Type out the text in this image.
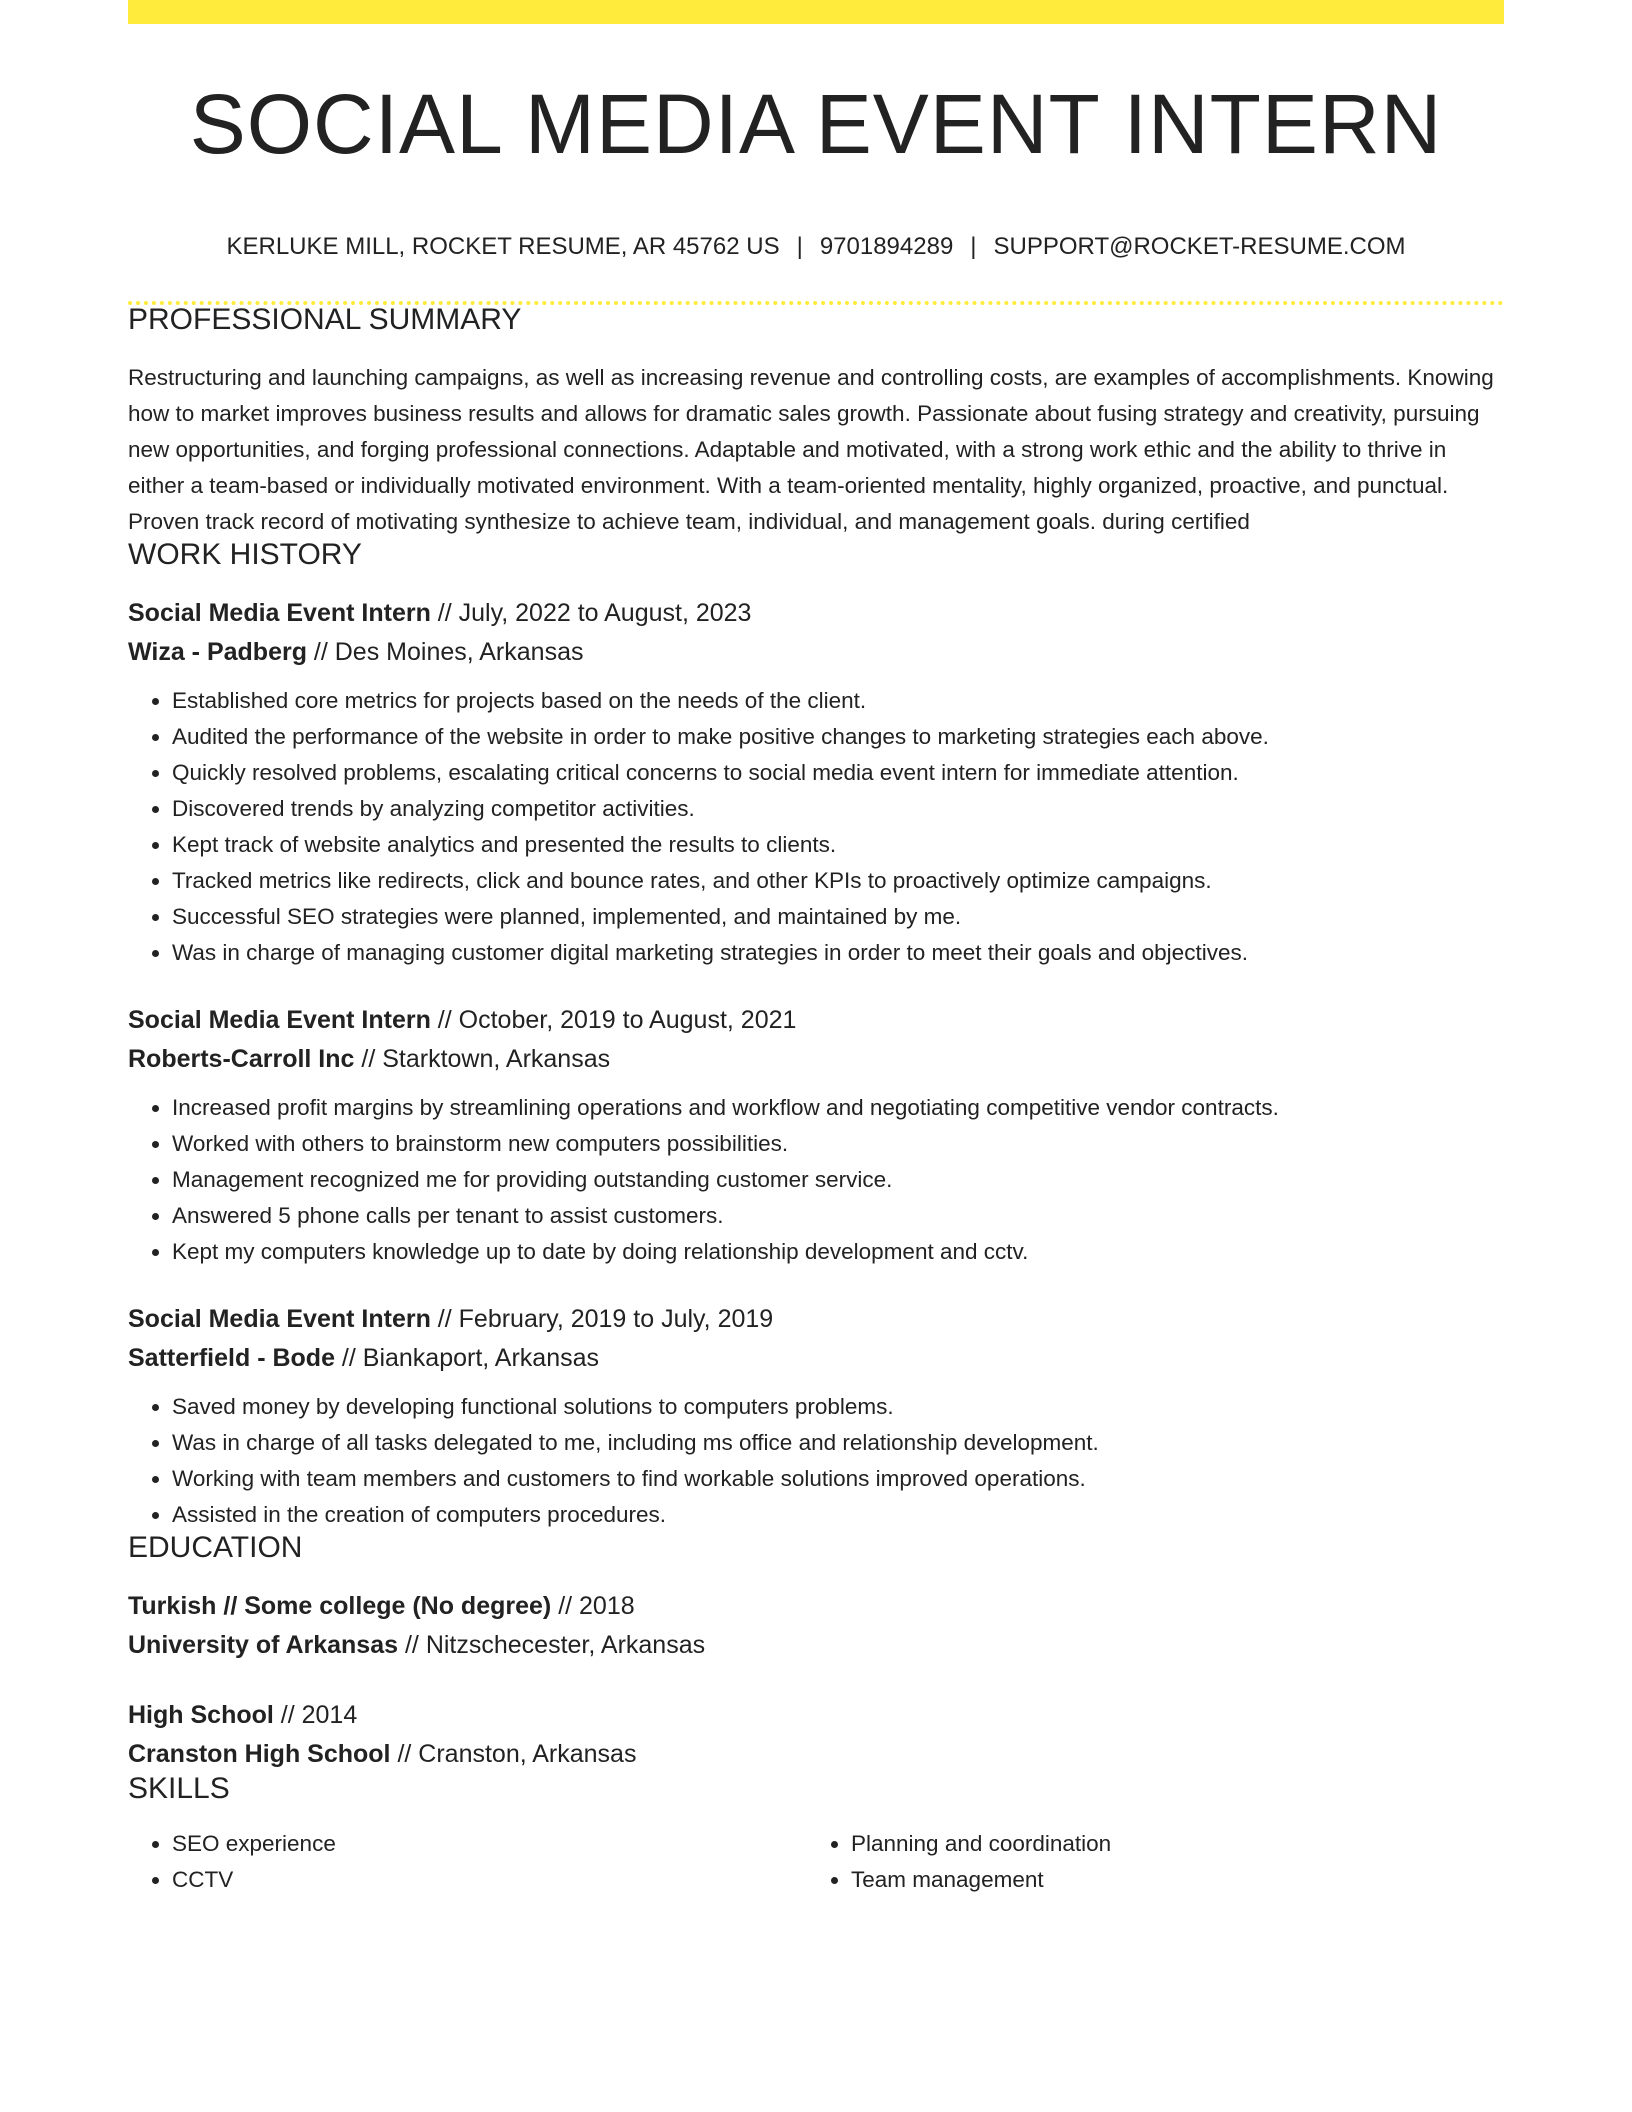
SOCIAL MEDIA EVENT INTERN
KERLUKE MILL, ROCKET RESUME, AR 45762 US | 9701894289 | SUPPORT@ROCKET-RESUME.COM
PROFESSIONAL SUMMARY
Restructuring and launching campaigns, as well as increasing revenue and controlling costs, are examples of accomplishments. Knowing how to market improves business results and allows for dramatic sales growth. Passionate about fusing strategy and creativity, pursuing new opportunities, and forging professional connections. Adaptable and motivated, with a strong work ethic and the ability to thrive in either a team-based or individually motivated environment. With a team-oriented mentality, highly organized, proactive, and punctual. Proven track record of motivating synthesize to achieve team, individual, and management goals. during certified
WORK HISTORY
Social Media Event Intern // July, 2022 to August, 2023
Wiza - Padberg // Des Moines, Arkansas
• Established core metrics for projects based on the needs of the client.
• Audited the performance of the website in order to make positive changes to marketing strategies each above.
• Quickly resolved problems, escalating critical concerns to social media event intern for immediate attention.
• Discovered trends by analyzing competitor activities.
• Kept track of website analytics and presented the results to clients.
• Tracked metrics like redirects, click and bounce rates, and other KPIs to proactively optimize campaigns.
• Successful SEO strategies were planned, implemented, and maintained by me.
• Was in charge of managing customer digital marketing strategies in order to meet their goals and objectives.
Social Media Event Intern // October, 2019 to August, 2021
Roberts-Carroll Inc // Starktown, Arkansas
• Increased profit margins by streamlining operations and workflow and negotiating competitive vendor contracts.
• Worked with others to brainstorm new computers possibilities.
• Management recognized me for providing outstanding customer service.
• Answered 5 phone calls per tenant to assist customers.
• Kept my computers knowledge up to date by doing relationship development and cctv.
Social Media Event Intern // February, 2019 to July, 2019
Satterfield - Bode // Biankaport, Arkansas
• Saved money by developing functional solutions to computers problems.
• Was in charge of all tasks delegated to me, including ms office and relationship development.
• Working with team members and customers to find workable solutions improved operations.
• Assisted in the creation of computers procedures.
EDUCATION
Turkish // Some college (No degree) // 2018
University of Arkansas // Nitzschecester, Arkansas
High School // 2014
Cranston High School // Cranston, Arkansas
SKILLS
• SEO experience
• CCTV
• Planning and coordination
• Team management
